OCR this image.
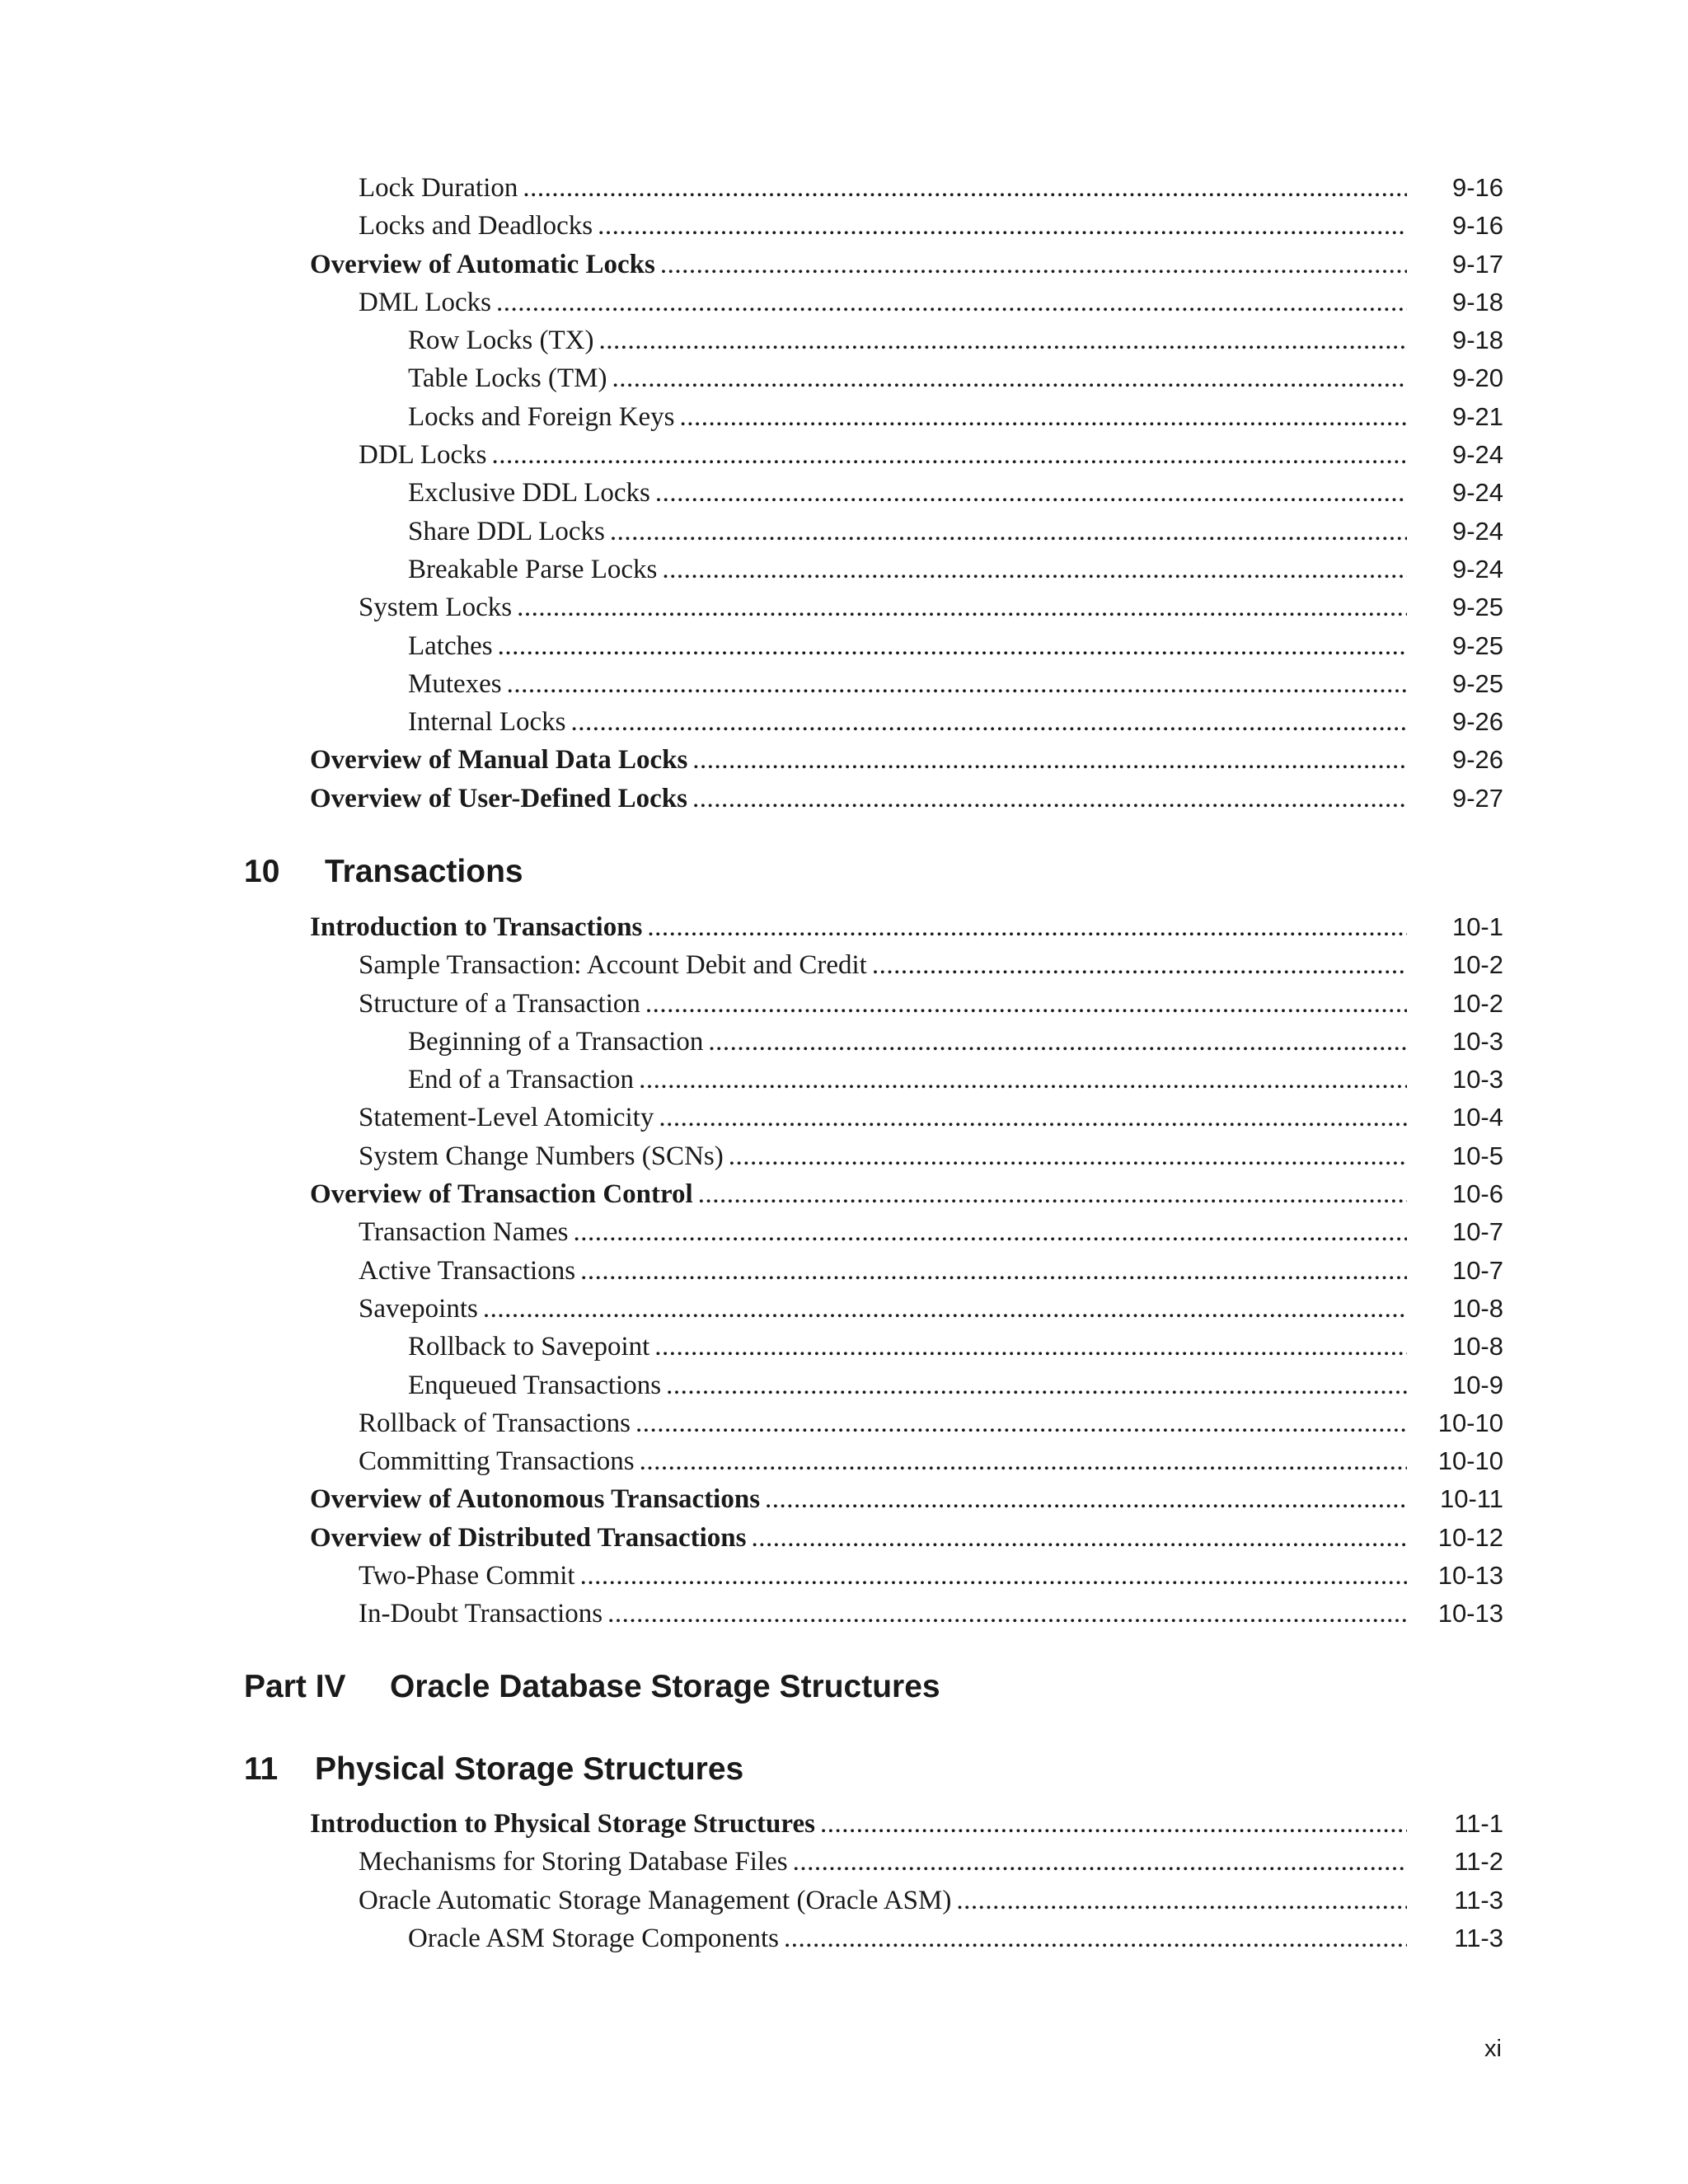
Lock Duration .....	9-16
Locks and Deadlocks .....	9-16
Overview of Automatic Locks .....	9-17
DML Locks .....	9-18
Row Locks (TX) .....	9-18
Table Locks (TM) .....	9-20
Locks and Foreign Keys .....	9-21
DDL Locks .....	9-24
Exclusive DDL Locks .....	9-24
Share DDL Locks .....	9-24
Breakable Parse Locks .....	9-24
System Locks .....	9-25
Latches .....	9-25
Mutexes .....	9-25
Internal Locks .....	9-26
Overview of Manual Data Locks .....	9-26
Overview of User-Defined Locks .....	9-27
10 Transactions
Introduction to Transactions .....	10-1
Sample Transaction: Account Debit and Credit .....	10-2
Structure of a Transaction .....	10-2
Beginning of a Transaction .....	10-3
End of a Transaction .....	10-3
Statement-Level Atomicity .....	10-4
System Change Numbers (SCNs) .....	10-5
Overview of Transaction Control .....	10-6
Transaction Names .....	10-7
Active Transactions .....	10-7
Savepoints .....	10-8
Rollback to Savepoint .....	10-8
Enqueued Transactions .....	10-9
Rollback of Transactions .....	10-10
Committing Transactions .....	10-10
Overview of Autonomous Transactions .....	10-11
Overview of Distributed Transactions .....	10-12
Two-Phase Commit .....	10-13
In-Doubt Transactions .....	10-13
Part IV Oracle Database Storage Structures
11 Physical Storage Structures
Introduction to Physical Storage Structures .....	11-1
Mechanisms for Storing Database Files .....	11-2
Oracle Automatic Storage Management (Oracle ASM) .....	11-3
Oracle ASM Storage Components .....	11-3
xi
